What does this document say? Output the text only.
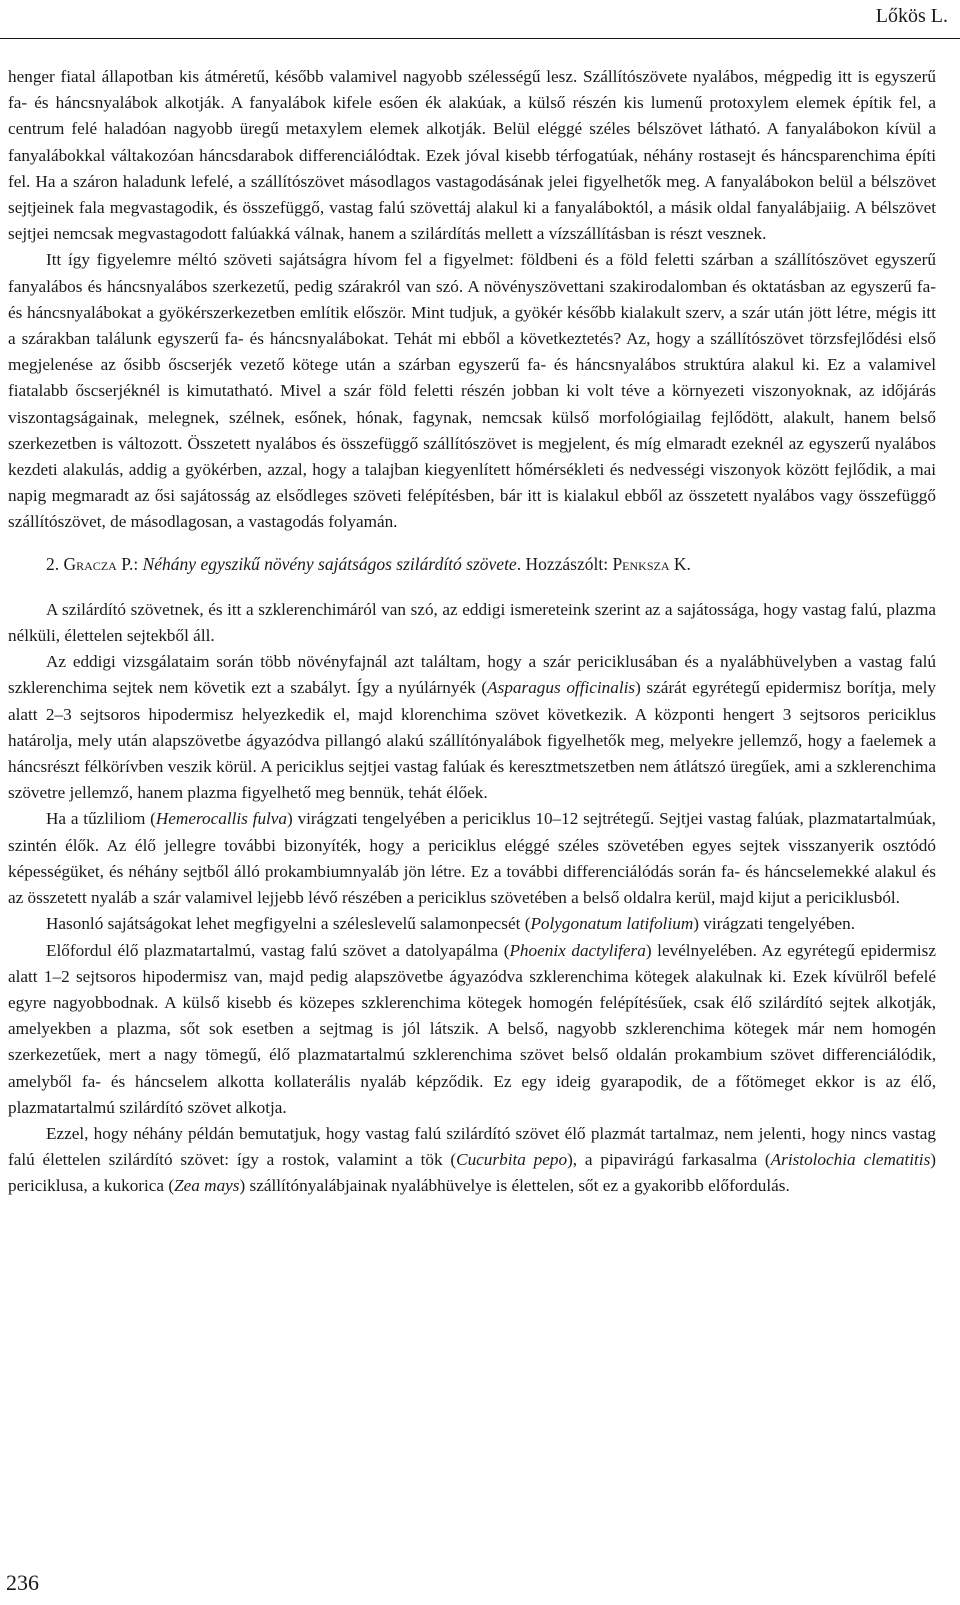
Lőkös L.

henger fiatal állapotban kis átméretű, később valamivel nagyobb szélességű lesz. Szállítószövete nyalábos, mégpedig itt is egyszerű fa- és háncsnyalábok alkotják. A fanyalábok kifele esően ék alakúak, a külső részén kis lumenű protoxylem elemek építik fel, a centrum felé haladóan nagyobb üregű metaxylem elemek alkotják. Belül eléggé széles bélszövet látható. A fanyalábokon kívül a fanyalábokkal váltakozóan háncsdarabok differenciálódtak. Ezek jóval kisebb térfogatúak, néhány rostasejt és háncsparenchima építi fel. Ha a száron haladunk lefelé, a szállítószövet másodlagos vastagodásának jelei figyelhetők meg. A fanyalábokon belül a bélszövet sejtjeinek fala megvastagodik, és összefüggő, vastag falú szövettáj alakul ki a fanyaláboktól, a másik oldal fanyalábjaiig. A bélszövet sejtjei nemcsak megvastagodott falúakká válnak, hanem a szilárdítás mellett a vízszállításban is részt vesznek.

Itt így figyelemre méltó szöveti sajátságra hívom fel a figyelmet: földbeni és a föld feletti szárban a szállítószövet egyszerű fanyalábos és háncsnyalábos szerkezetű, pedig szárakról van szó. A növényszövettani szakirodalomban és oktatásban az egyszerű fa- és háncsnyalábokat a gyökérszerkezetben említik először. Mint tudjuk, a gyökér később kialakult szerv, a szár után jött létre, mégis itt a szárakban találunk egyszerű fa- és háncsnyalábokat. Tehát mi ebből a következtetés? Az, hogy a szállítószövet törzsfejlődési első megjelenése az ősibb őscserjék vezető kötege után a szárban egyszerű fa- és háncsnyalábos struktúra alakul ki. Ez a valamivel fiatalabb őscserjéknél is kimutatható. Mivel a szár föld feletti részén jobban ki volt téve a környezeti viszonyoknak, az időjárás viszontagságainak, melegnek, szélnek, esőnek, hónak, fagynak, nemcsak külső morfológiailag fejlődött, alakult, hanem belső szerkezetben is változott. Összetett nyalábos és összefüggő szállítószövet is megjelent, és míg elmaradt ezeknél az egyszerű nyalábos kezdeti alakulás, addig a gyökérben, azzal, hogy a talajban kiegyenlített hőmérsékleti és nedvességi viszonyok között fejlődik, a mai napig megmaradt az ősi sajátosság az elsődleges szöveti felépítésben, bár itt is kialakul ebből az összetett nyalábos vagy összefüggő szállítószövet, de másodlagosan, a vastagodás folyamán.

2. Gracza P.: Néhány egyszikű növény sajátságos szilárdító szövete. Hozzászólt: Penksza K.

A szilárdító szövetnek, és itt a szklerenchimáról van szó, az eddigi ismereteink szerint az a sajátossága, hogy vastag falú, plazma nélküli, élettelen sejtekből áll.

Az eddigi vizsgálataim során több növényfajnál azt találtam, hogy a szár periciklusában és a nyalábhüvelyben a vastag falú szklerenchima sejtek nem követik ezt a szabályt. Így a nyúlárnyék (Asparagus officinalis) szárát egyrétegű epidermisz borítja, mely alatt 2–3 sejtsoros hipodermisz helyezkedik el, majd klorenchima szövet következik. A központi hengert 3 sejtsoros periciklus határolja, mely után alapszövetbe ágyazódva pillangó alakú szállítónyalábok figyelhetők meg, melyekre jellemző, hogy a faelemek a háncsrészt félkörívben veszik körül. A periciklus sejtjei vastag falúak és keresztmetszetben nem átlátszó üregűek, ami a szklerenchima szövetre jellemző, hanem plazma figyelhető meg bennük, tehát élőek.

Ha a tűzliliom (Hemerocallis fulva) virágzati tengelyében a periciklus 10–12 sejtrétegű. Sejtjei vastag falúak, plazmatartalmúak, szintén élők. Az élő jellegre további bizonyíték, hogy a periciklus eléggé széles szövetében egyes sejtek visszanyerik osztódó képességüket, és néhány sejtből álló prokambiumnyaláb jön létre. Ez a további differenciálódás során fa- és háncselemekké alakul és az összetett nyaláb a szár valamivel lejjebb lévő részében a periciklus szövetében a belső oldalra kerül, majd kijut a periciklusból.

Hasonló sajátságokat lehet megfigyelni a széleslevelű salamonpecsét (Polygonatum latifolium) virágzati tengelyében.

Előfordul élő plazmatartalmú, vastag falú szövet a datolyapálma (Phoenix dactylifera) levélnyelében. Az egyrétegű epidermisz alatt 1–2 sejtsoros hipodermisz van, majd pedig alapszövetbe ágyazódva szklerenchima kötegek alakulnak ki. Ezek kívülről befelé egyre nagyobbodnak. A külső kisebb és közepes szklerenchima kötegek homogén felépítésűek, csak élő szilárdító sejtek alkotják, amelyekben a plazma, sőt sok esetben a sejtmag is jól látszik. A belső, nagyobb szklerenchima kötegek már nem homogén szerkezetűek, mert a nagy tömegű, élő plazmatartalmú szklerenchima szövet belső oldalán prokambium szövet differenciálódik, amelyből fa- és háncselem alkotta kollaterális nyaláb képződik. Ez egy ideig gyarapodik, de a főtömeget ekkor is az élő, plazmatartalmú szilárdító szövet alkotja.

Ezzel, hogy néhány példán bemutatjuk, hogy vastag falú szilárdító szövet élő plazmát tartalmaz, nem jelenti, hogy nincs vastag falú élettelen szilárdító szövet: így a rostok, valamint a tök (Cucurbita pepo), a pipavirágú farkasalma (Aristolochia clematitis) periciklusa, a kukorica (Zea mays) szállítónyalábjainak nyalábhüvelye is élettelen, sőt ez a gyakoribb előfordulás.

236
